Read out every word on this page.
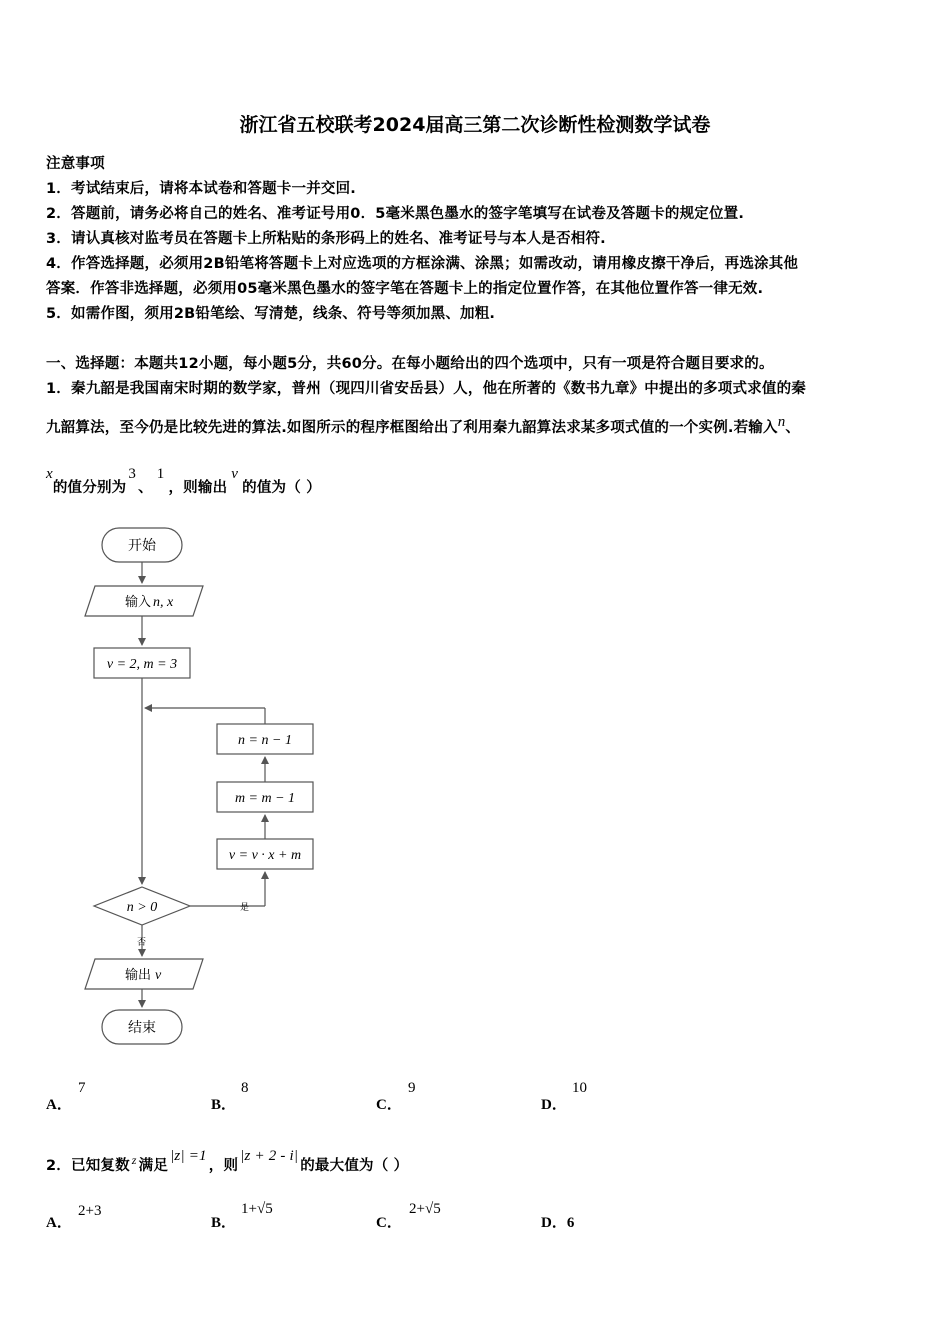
浙江省五校联考2024届高三第二次诊断性检测数学试卷
注意事项
1．考试结束后，请将本试卷和答题卡一并交回.
2．答题前，请务必将自己的姓名、准考证号用0．5毫米黑色墨水的签字笔填写在试卷及答题卡的规定位置.
3．请认真核对监考员在答题卡上所粘贴的条形码上的姓名、准考证号与本人是否相符.
4．作答选择题，必须用2B铅笔将答题卡上对应选项的方框涂满、涂黑；如需改动，请用橡皮擦干净后，再选涂其他
答案．作答非选择题，必须用05毫米黑色墨水的签字笔在答题卡上的指定位置作答，在其他位置作答一律无效.
5．如需作图，须用2B铅笔绘、写清楚，线条、符号等须加黑、加粗.
一、选择题：本题共12小题，每小题5分，共60分。在每小题给出的四个选项中，只有一项是符合题目要求的。
1．秦九韶是我国南宋时期的数学家，普州（现四川省安岳县）人，他在所著的《数书九章》中提出的多项式求值的秦
九韶算法，至今仍是比较先进的算法.如图所示的程序框图给出了利用秦九韶算法求某多项式值的一个实例.若输入$^n$、
$^x$的值分别为$^3$、$^1$，则输出$^v$的值为（ ）
开始
输入 n, x
v = 2, m = 3
n = n − 1
m = m − 1
v = v · x + m
n > 0	是
否
输出 v
结束
A．
7
B．
8
C．
9
D．
10
2．已知复数 $^z$ 满足$^{|z| =1}$，则$^{|z + 2 - i|}$的最大值为（ ）
A．
2+3
B．
1+√5
C．
2+√5
D．6
